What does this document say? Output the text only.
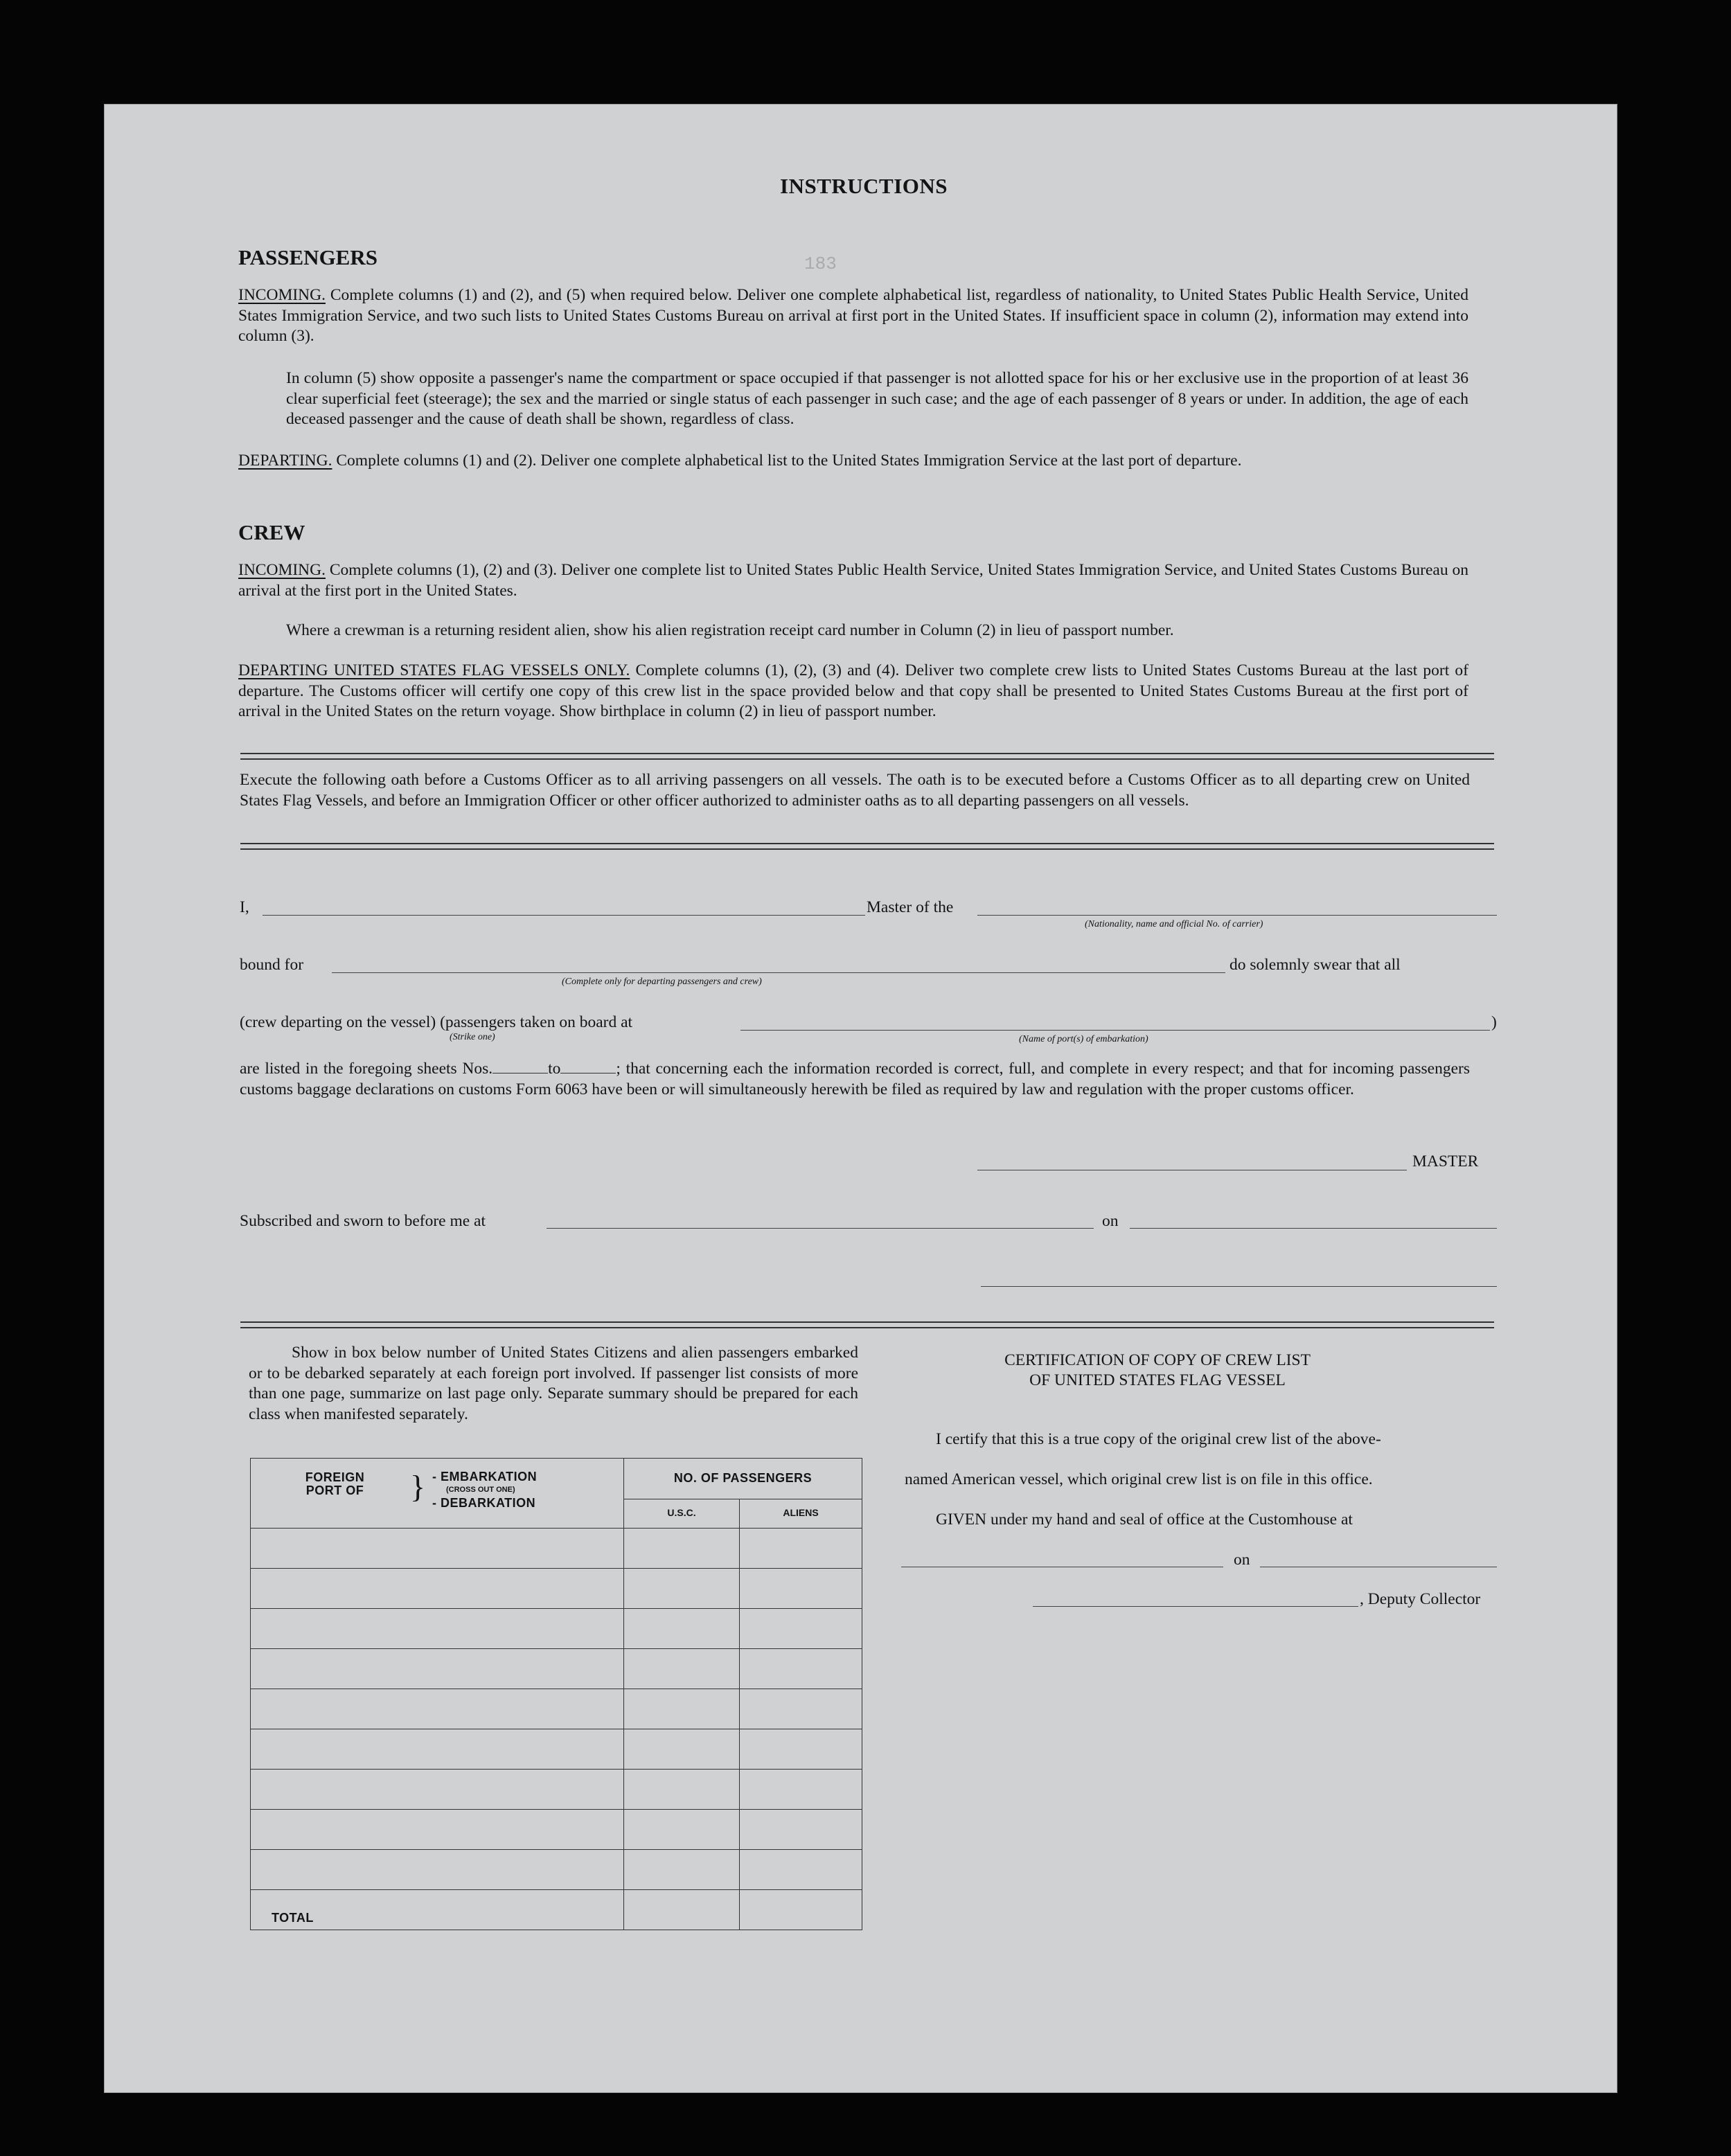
183
INSTRUCTIONS
PASSENGERS
INCOMING. Complete columns (1) and (2), and (5) when required below. Deliver one complete alphabetical list, regardless of nationality, to United States Public Health Service, United States Immigration Service, and two such lists to United States Customs Bureau on arrival at first port in the United States. If insufficient space in column (2), information may extend into column (3).
In column (5) show opposite a passenger's name the compartment or space occupied if that passenger is not allotted space for his or her exclusive use in the proportion of at least 36 clear superficial feet (steerage); the sex and the married or single status of each passenger in such case; and the age of each passenger of 8 years or under. In addition, the age of each deceased passenger and the cause of death shall be shown, regardless of class.
DEPARTING. Complete columns (1) and (2). Deliver one complete alphabetical list to the United States Immigration Service at the last port of departure.
CREW
INCOMING. Complete columns (1), (2) and (3). Deliver one complete list to United States Public Health Service, United States Immigration Service, and United States Customs Bureau on arrival at the first port in the United States.
Where a crewman is a returning resident alien, show his alien registration receipt card number in Column (2) in lieu of passport number.
DEPARTING UNITED STATES FLAG VESSELS ONLY. Complete columns (1), (2), (3) and (4). Deliver two complete crew lists to United States Customs Bureau at the last port of departure. The Customs officer will certify one copy of this crew list in the space provided below and that copy shall be presented to United States Customs Bureau at the first port of arrival in the United States on the return voyage. Show birthplace in column (2) in lieu of passport number.
Execute the following oath before a Customs Officer as to all arriving passengers on all vessels. The oath is to be executed before a Customs Officer as to all departing crew on United States Flag Vessels, and before an Immigration Officer or other officer authorized to administer oaths as to all departing passengers on all vessels.
I,	Master of the
(Nationality, name and official No. of carrier)
bound for
(Complete only for departing passengers and crew)
do solemnly swear that all
(crew departing on the vessel) (passengers taken on board at
(Strike one)	(Name of port(s) of embarkation)
)
are listed in the foregoing sheets Nos.	to	; that concerning each the information recorded is correct, full, and complete in every respect; and that for incoming passengers customs baggage declarations on customs Form 6063 have been or will simultaneously herewith be filed as required by law and regulation with the proper customs officer.
MASTER
Subscribed and sworn to before me at	on
Show in box below number of United States Citizens and alien passengers embarked or to be debarked separately at each foreign port involved. If passenger list consists of more than one page, summarize on last page only. Separate summary should be prepared for each class when manifested separately.
FOREIGN PORT OF } - EMBARKATION
(CROSS OUT ONE)
- DEBARKATION	NO. OF PASSENGERS	
	U.S.C.	ALIENS

TOTAL		
CERTIFICATION OF COPY OF CREW LIST
OF UNITED STATES FLAG VESSEL
I certify that this is a true copy of the original crew list of the above-
named American vessel, which original crew list is on file in this office.
GIVEN under my hand and seal of office at the Customhouse at
on
, Deputy Collector
